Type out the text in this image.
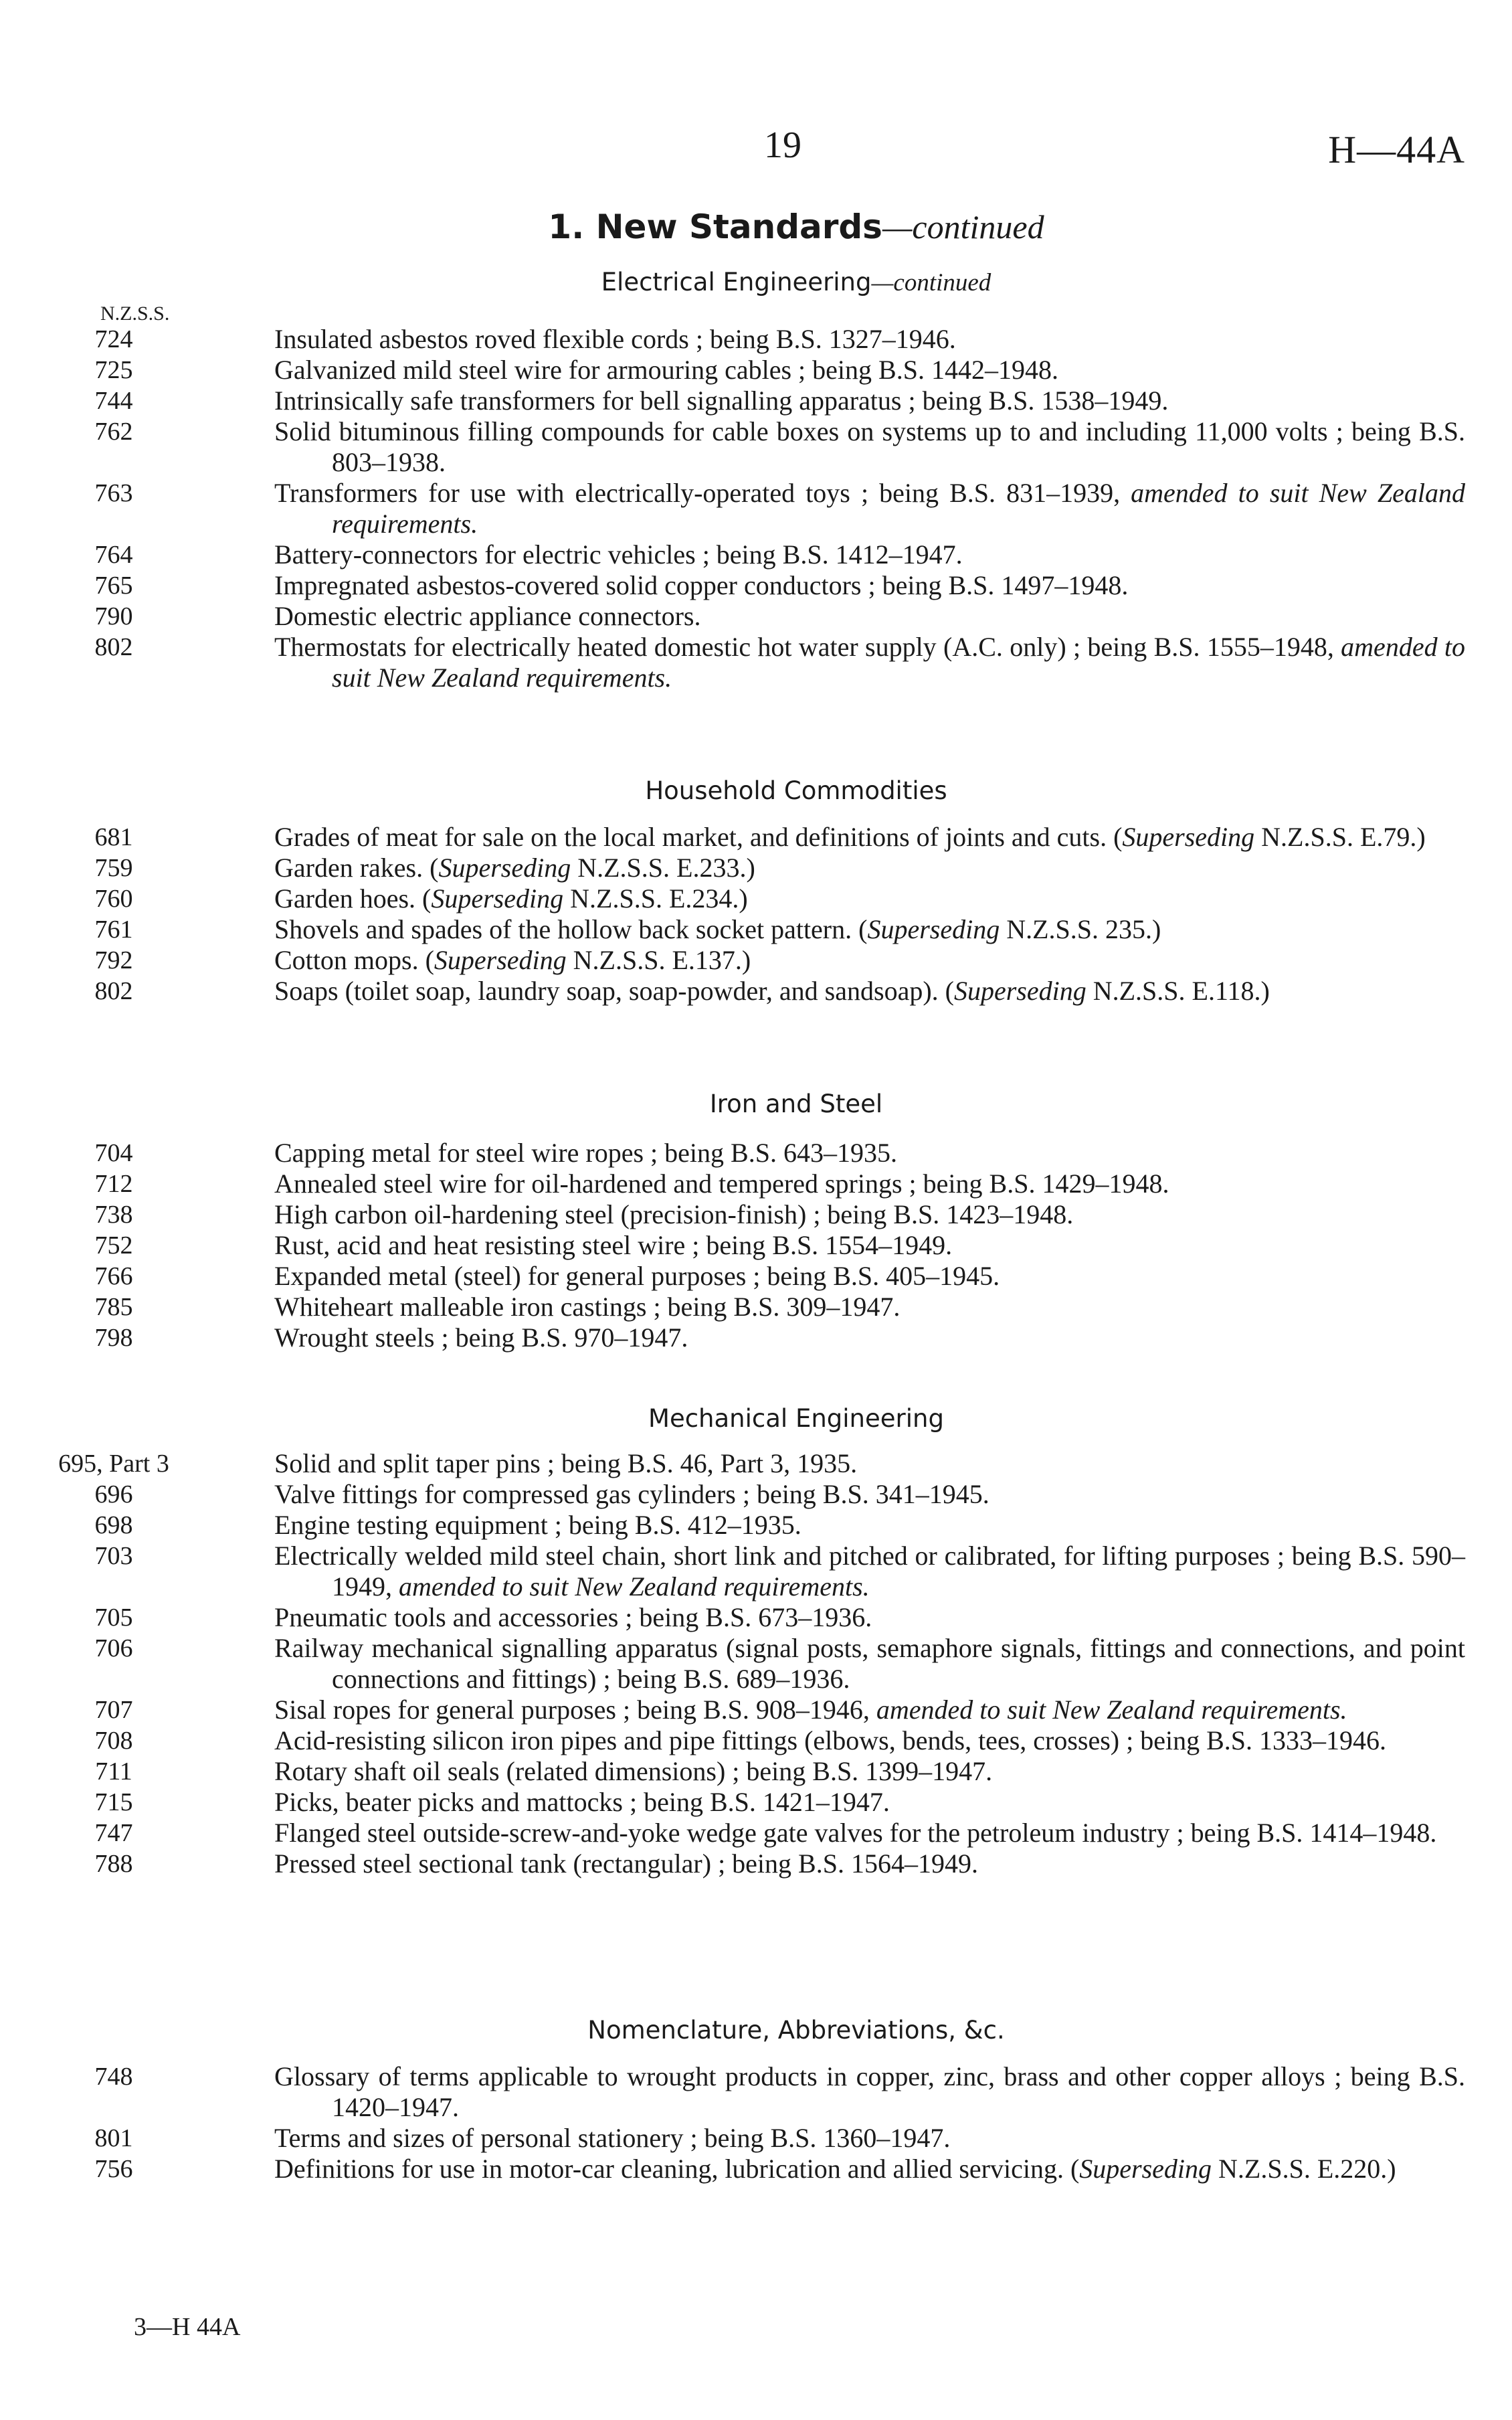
19	H—44A
1. New Standards—continued
N.Z.S.S.
Electrical Engineering—continued
724	Insulated asbestos roved flexible cords ; being B.S. 1327–1946.
725	Galvanized mild steel wire for armouring cables ; being B.S. 1442–1948.
744	Intrinsically safe transformers for bell signalling apparatus ; being B.S. 1538–1949.
762	Solid bituminous filling compounds for cable boxes on systems up to and including 11,000 volts ; being B.S. 803–1938.
763	Transformers for use with electrically-operated toys ; being B.S. 831–1939, amended to suit New Zealand requirements.
764	Battery-connectors for electric vehicles ; being B.S. 1412–1947.
765	Impregnated asbestos-covered solid copper conductors ; being B.S. 1497–1948.
790	Domestic electric appliance connectors.
802	Thermostats for electrically heated domestic hot water supply (A.C. only) ; being B.S. 1555–1948, amended to suit New Zealand requirements.
Household Commodities
681	Grades of meat for sale on the local market, and definitions of joints and cuts. (Superseding N.Z.S.S. E.79.)
759	Garden rakes. (Superseding N.Z.S.S. E.233.)
760	Garden hoes. (Superseding N.Z.S.S. E.234.)
761	Shovels and spades of the hollow back socket pattern. (Superseding N.Z.S.S. 235.)
792	Cotton mops. (Superseding N.Z.S.S. E.137.)
802	Soaps (toilet soap, laundry soap, soap-powder, and sandsoap). (Superseding N.Z.S.S. E.118.)
Iron and Steel
704	Capping metal for steel wire ropes ; being B.S. 643–1935.
712	Annealed steel wire for oil-hardened and tempered springs ; being B.S. 1429–1948.
738	High carbon oil-hardening steel (precision-finish) ; being B.S. 1423–1948.
752	Rust, acid and heat resisting steel wire ; being B.S. 1554–1949.
766	Expanded metal (steel) for general purposes ; being B.S. 405–1945.
785	Whiteheart malleable iron castings ; being B.S. 309–1947.
798	Wrought steels ; being B.S. 970–1947.
Mechanical Engineering
695, Part 3	Solid and split taper pins ; being B.S. 46, Part 3, 1935.
696	Valve fittings for compressed gas cylinders ; being B.S. 341–1945.
698	Engine testing equipment ; being B.S. 412–1935.
703	Electrically welded mild steel chain, short link and pitched or calibrated, for lifting purposes ; being B.S. 590–1949, amended to suit New Zealand requirements.
705	Pneumatic tools and accessories ; being B.S. 673–1936.
706	Railway mechanical signalling apparatus (signal posts, semaphore signals, fittings and connections, and point connections and fittings) ; being B.S. 689–1936.
707	Sisal ropes for general purposes ; being B.S. 908–1946, amended to suit New Zealand requirements.
708	Acid-resisting silicon iron pipes and pipe fittings (elbows, bends, tees, crosses) ; being B.S. 1333–1946.
711	Rotary shaft oil seals (related dimensions) ; being B.S. 1399–1947.
715	Picks, beater picks and mattocks ; being B.S. 1421–1947.
747	Flanged steel outside-screw-and-yoke wedge gate valves for the petroleum industry ; being B.S. 1414–1948.
788	Pressed steel sectional tank (rectangular) ; being B.S. 1564–1949.
Nomenclature, Abbreviations, &c.
748	Glossary of terms applicable to wrought products in copper, zinc, brass and other copper alloys ; being B.S. 1420–1947.
801	Terms and sizes of personal stationery ; being B.S. 1360–1947.
756	Definitions for use in motor-car cleaning, lubrication and allied servicing. (Superseding N.Z.S.S. E.220.)
3—H 44A
